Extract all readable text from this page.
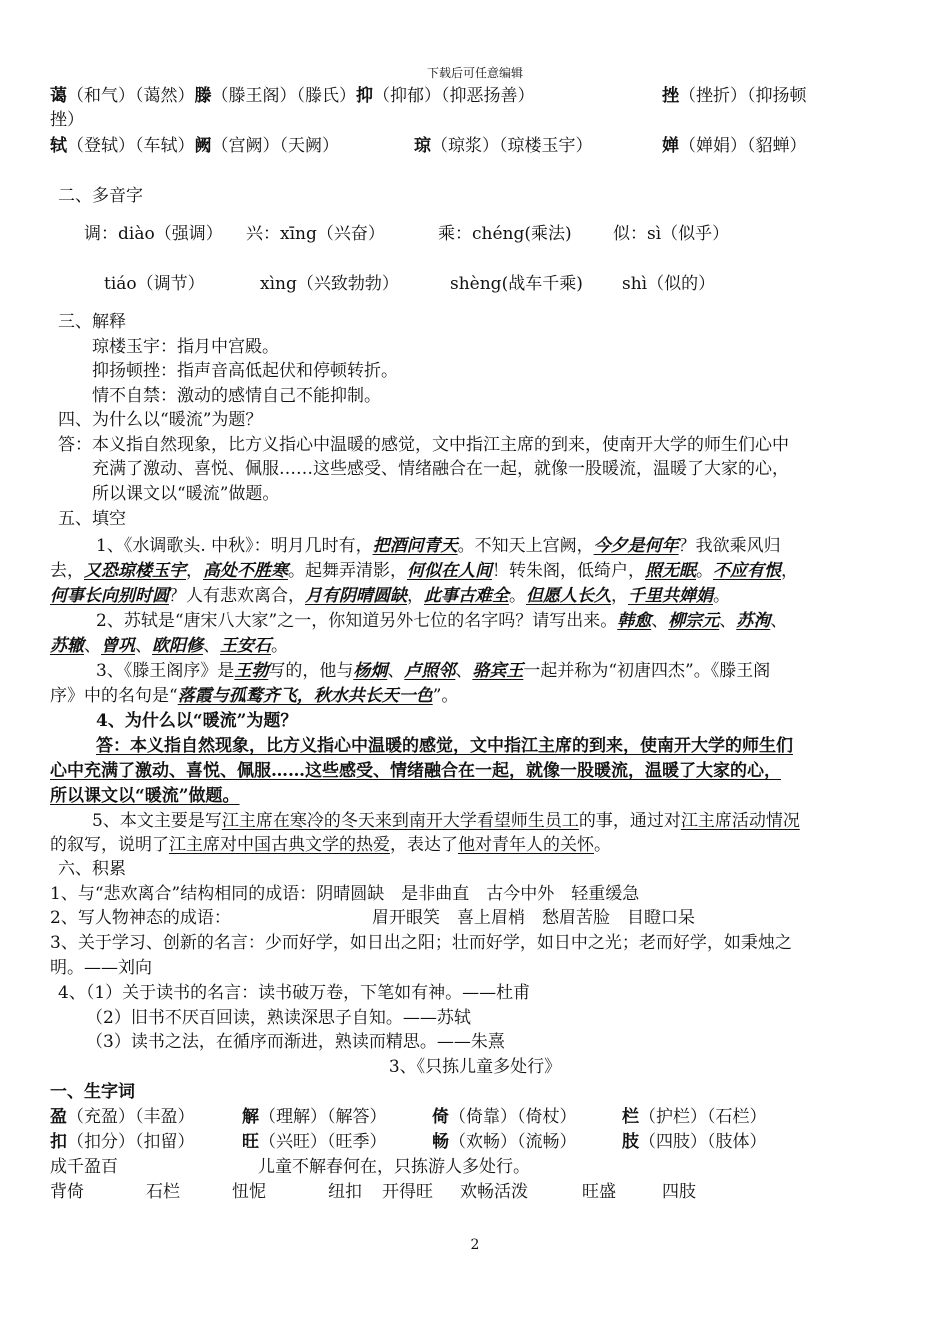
下载后可任意编辑
蔼（和气）（蔼然）滕（滕王阁）（滕氏）抑（抑郁）（抑恶扬善）	挫（挫折）（抑扬顿
挫）
轼（登轼）（车轼）阙（宫阙）（天阙）	琼（琼浆）（琼楼玉宇）	婵（婵娟）（貂蝉）
二、多音字
调：diào（强调） 兴：xīng（兴奋）	乘：chéng(乘法) 似：sì（似乎）
tiáo（调节）	xìng（兴致勃勃）	shèng(战车千乘) shì（似的）
三、解释
琼楼玉宇：指月中宫殿。
抑扬顿挫：指声音高低起伏和停顿转折。
情不自禁：激动的感情自己不能抑制。
四、为什么以“暖流”为题？
答：本义指自然现象，比方义指心中温暖的感觉，文中指江主席的到来，使南开大学的师生们心中
充满了激动、喜悦、佩服……这些感受、情绪融合在一起，就像一股暖流，温暖了大家的心，
所以课文以“暖流”做题。
五、填空
1、《水调歌头. 中秋》：明月几时有，把酒问青天。不知天上宫阙，今夕是何年？我欲乘风归
去，又恐琼楼玉宇，高处不胜寒。起舞弄清影，何似在人间！转朱阁，低绮户，照无眠。不应有恨，
何事长向别时圆？人有悲欢离合，月有阴晴圆缺，此事古难全。但愿人长久，千里共婵娟。
2、苏轼是“唐宋八大家”之一，你知道另外七位的名字吗？请写出来。韩愈、柳宗元、苏洵、
苏辙、曾巩、欧阳修、王安石。
3、《滕王阁序》是王勃写的，他与杨炯、卢照邻、骆宾王一起并称为“初唐四杰”。《滕王阁
序》中的名句是“落霞与孤鹜齐飞，秋水共长天一色”。
4、为什么以“暖流”为题？
答：本义指自然现象，比方义指心中温暖的感觉，文中指江主席的到来，使南开大学的师生们
心中充满了激动、喜悦、佩服……这些感受、情绪融合在一起，就像一股暖流，温暖了大家的心，
所以课文以“暖流”做题。
5、本文主要是写江主席在寒冷的冬天来到南开大学看望师生员工的事，通过对江主席活动情况
的叙写，说明了江主席对中国古典文学的热爱，表达了他对青年人的关怀。
六、积累
1、与“悲欢离合”结构相同的成语：阴晴圆缺　是非曲直　古今中外　轻重缓急
2、写人物神态的成语：	眉开眼笑　喜上眉梢　愁眉苦脸　目瞪口呆
3、关于学习、创新的名言：少而好学，如日出之阳；壮而好学，如日中之光；老而好学，如秉烛之
明。——刘向
4、（1）关于读书的名言：读书破万卷，下笔如有神。——杜甫
（2）旧书不厌百回读，熟读深思子自知。——苏轼
（3）读书之法，在循序而渐进，熟读而精思。——朱熹
3、《只拣儿童多处行》
一、生字词
盈（充盈）（丰盈）	解（理解）（解答）	倚（倚靠）（倚杖）	栏（护栏）（石栏）
扣（扣分）（扣留）	旺（兴旺）（旺季）	畅（欢畅）（流畅）	肢（四肢）（肢体）
成千盈百	儿童不解春何在，只拣游人多处行。
背倚	石栏	忸怩	纽扣 开得旺 欢畅活泼	旺盛	四肢
2
